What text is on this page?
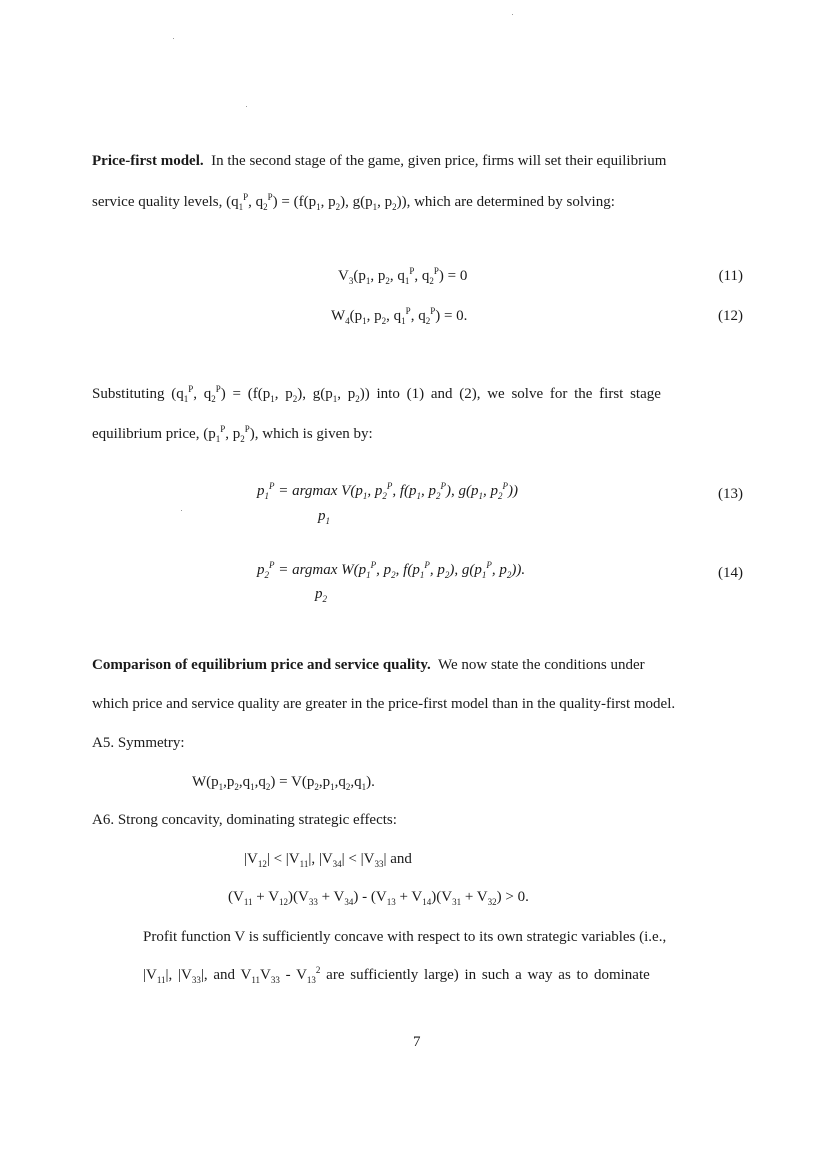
Price-first model. In the second stage of the game, given price, firms will set their equilibrium
service quality levels, ($q_1^P$, $q_2^P) = (f(p_1$, $p_2$), $g(p_1$, $p_2$)), which are determined by solving:
$V_3(p_1$, $p_2$, $q_1^P$, $q_2^P) = 0$	(11)
$W_4(p_1$, $p_2$, $q_1^P$, $q_2^P) = 0$.	(12)
Substituting ($q_1^P$, $q_2^P) = (f(p_1$, $p_2$), $g(p_1$, $p_2$)) into (1) and (2), we solve for the first stage
equilibrium price, ($p_1^P$, $p_2^P$), which is given by:
$p_1^P = argmax$ $V(p_1$, $p_2^P$, $f(p_1$, $p_2^P$), $g(p_1$, $p_2^P$))
$p_1$
(13)
$p_2^P = argmax$ $W(p_1^P$, $p_2$, $f(p_1^P$, $p_2$), $g(p_1^P$, $p_2$)).
$p_2$
(14)
Comparison of equilibrium price and service quality. We now state the conditions under
which price and service quality are greater in the price-first model than in the quality-first model.
A5. Symmetry:
$W(p_1,p_2,q_1,q_2) = V(p_2,p_1,q_2,q_1)$.
A6. Strong concavity, dominating strategic effects:
$|V_{12}| < |V_{11}|$, $|V_{34}| < |V_{33}|$ and
$(V_{11} + V_{12})(V_{33} + V_{34}) - (V_{13} + V_{14})(V_{31} + V_{32}) > 0$.
Profit function V is sufficiently concave with respect to its own strategic variables (i.e.,
$|V_{11}|$, $|V_{33}|$, and $V_{11}V_{33} - V_{13}^2$ are sufficiently large) in such a way as to dominate
7
